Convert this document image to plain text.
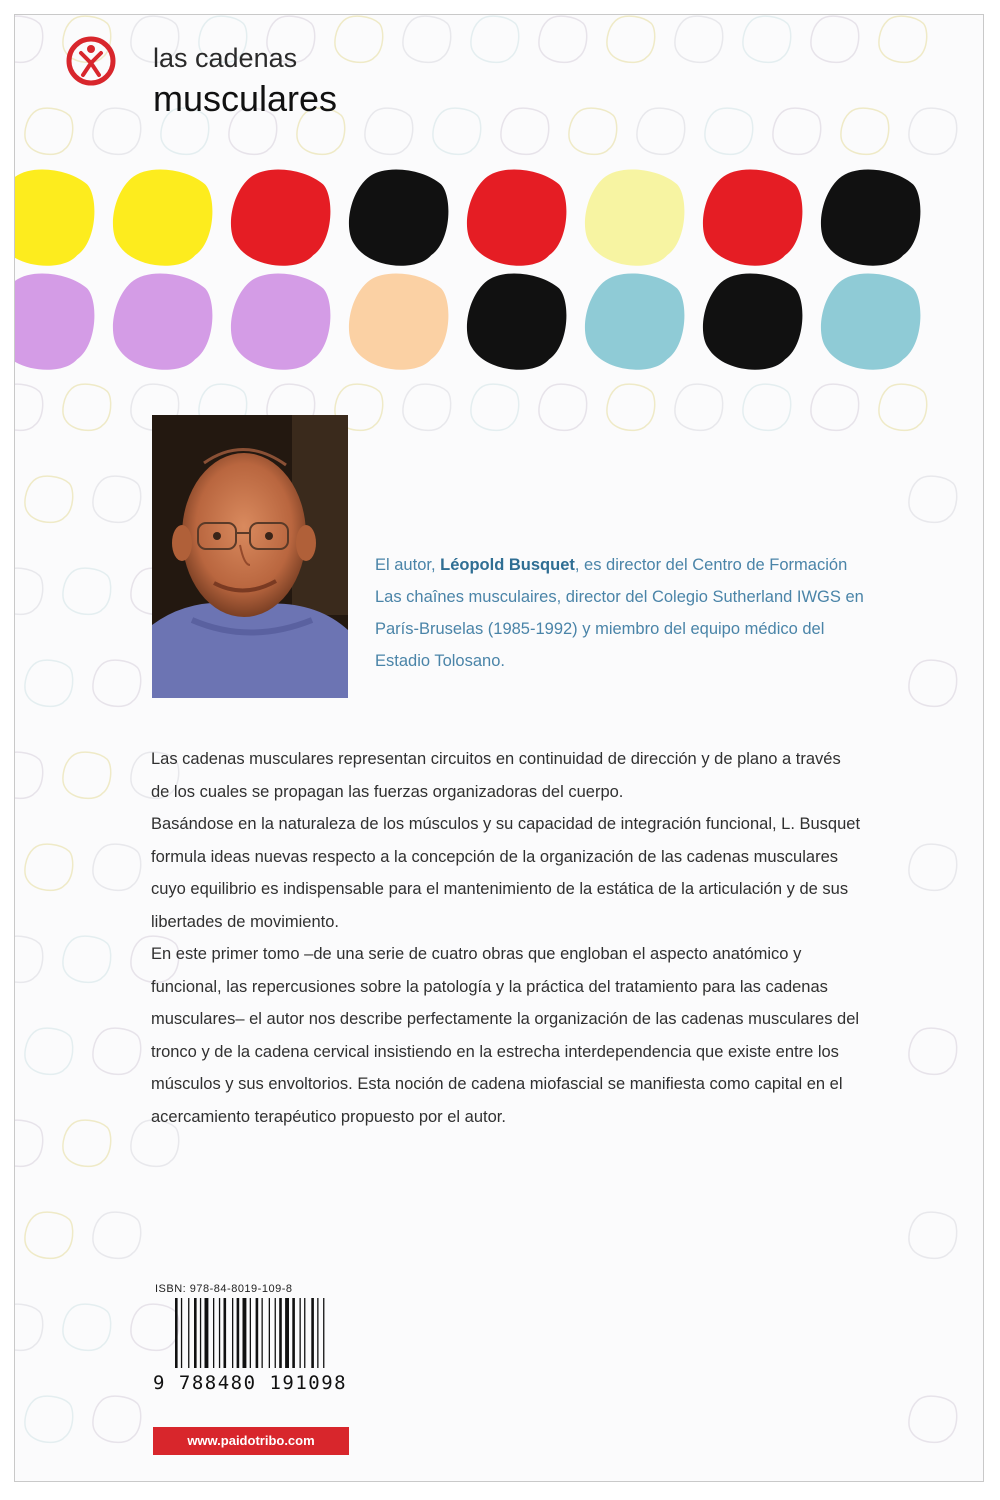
las cadenas
musculares
El autor, Léopold Busquet, es director del Centro de Formación Las chaînes musculaires, director del Colegio Sutherland IWGS en París-Bruselas (1985-1992) y miembro del equipo médico del Estadio Tolosano.

Las cadenas musculares representan circuitos en continuidad de dirección y de plano a través de los cuales se propagan las fuerzas organizadoras del cuerpo.

Basándose en la naturaleza de los músculos y su capacidad de integración funcional, L. Busquet formula ideas nuevas respecto a la concepción de la organización de las cadenas musculares cuyo equilibrio es indispensable para el mantenimiento de la estática de la articulación y de sus libertades de movimiento.

En este primer tomo –de una serie de cuatro obras que engloban el aspecto anatómico y funcional, las repercusiones sobre la patología y la práctica del tratamiento para las cadenas musculares– el autor nos describe perfectamente la organización de las cadenas musculares del tronco y de la cadena cervical insistiendo en la estrecha interdependencia que existe entre los músculos y sus envoltorios. Esta noción de cadena miofascial se manifiesta como capital en el acercamiento terapéutico propuesto por el autor.

ISBN: 978-84-8019-109-8
9 788480 191098
www.paidotribo.com
